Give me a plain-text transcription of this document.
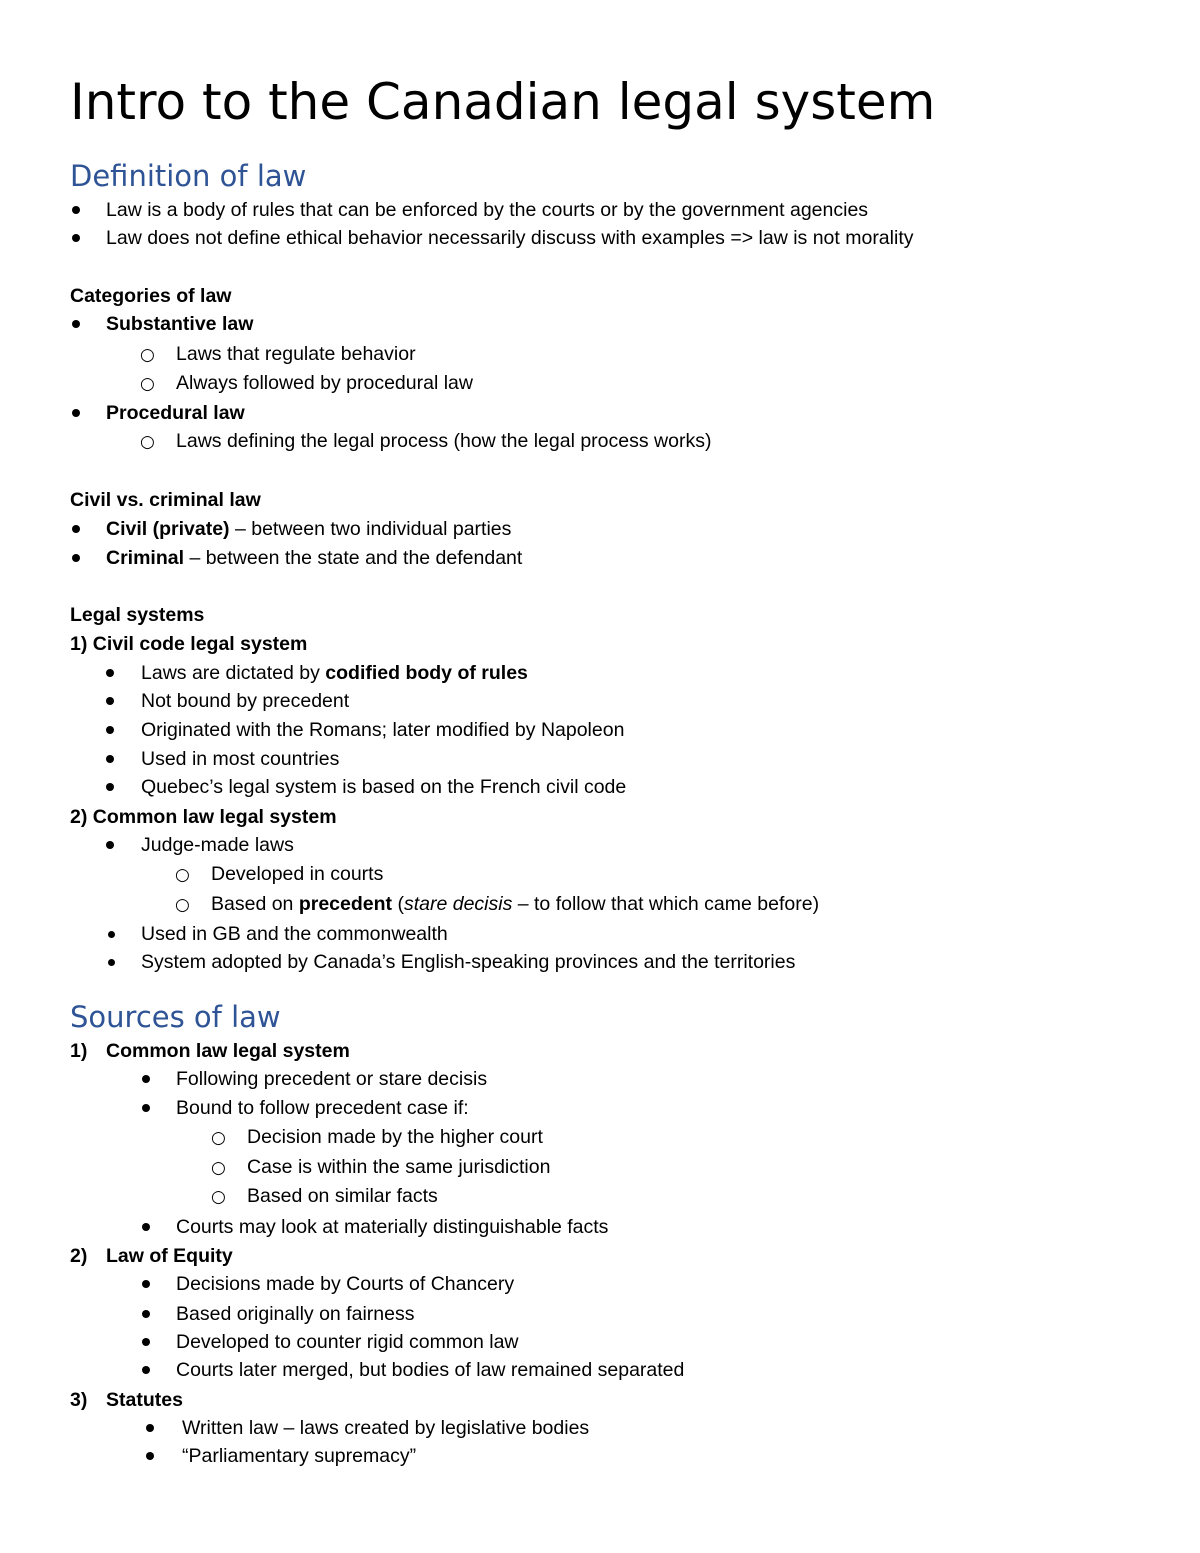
Intro to the Canadian legal system
Definition of law
Law is a body of rules that can be enforced by the courts or by the government agencies
Law does not define ethical behavior necessarily discuss with examples => law is not morality
Categories of law
Substantive law
○ Laws that regulate behavior
○ Always followed by procedural law
Procedural law
○ Laws defining the legal process (how the legal process works)
Civil vs. criminal law
Civil (private) – between two individual parties
Criminal – between the state and the defendant
Legal systems
1) Civil code legal system
Laws are dictated by codified body of rules
Not bound by precedent
Originated with the Romans; later modified by Napoleon
Used in most countries
Quebec’s legal system is based on the French civil code
2) Common law legal system
Judge-made laws
○ Developed in courts
○ Based on precedent (stare decisis – to follow that which came before)
Used in GB and the commonwealth
System adopted by Canada’s English-speaking provinces and the territories
Sources of law
1) Common law legal system
Following precedent or stare decisis
Bound to follow precedent case if:
○ Decision made by the higher court
○ Case is within the same jurisdiction
○ Based on similar facts
Courts may look at materially distinguishable facts
2) Law of Equity
Decisions made by Courts of Chancery
Based originally on fairness
Developed to counter rigid common law
Courts later merged, but bodies of law remained separated
3) Statutes
Written law – laws created by legislative bodies
“Parliamentary supremacy”
